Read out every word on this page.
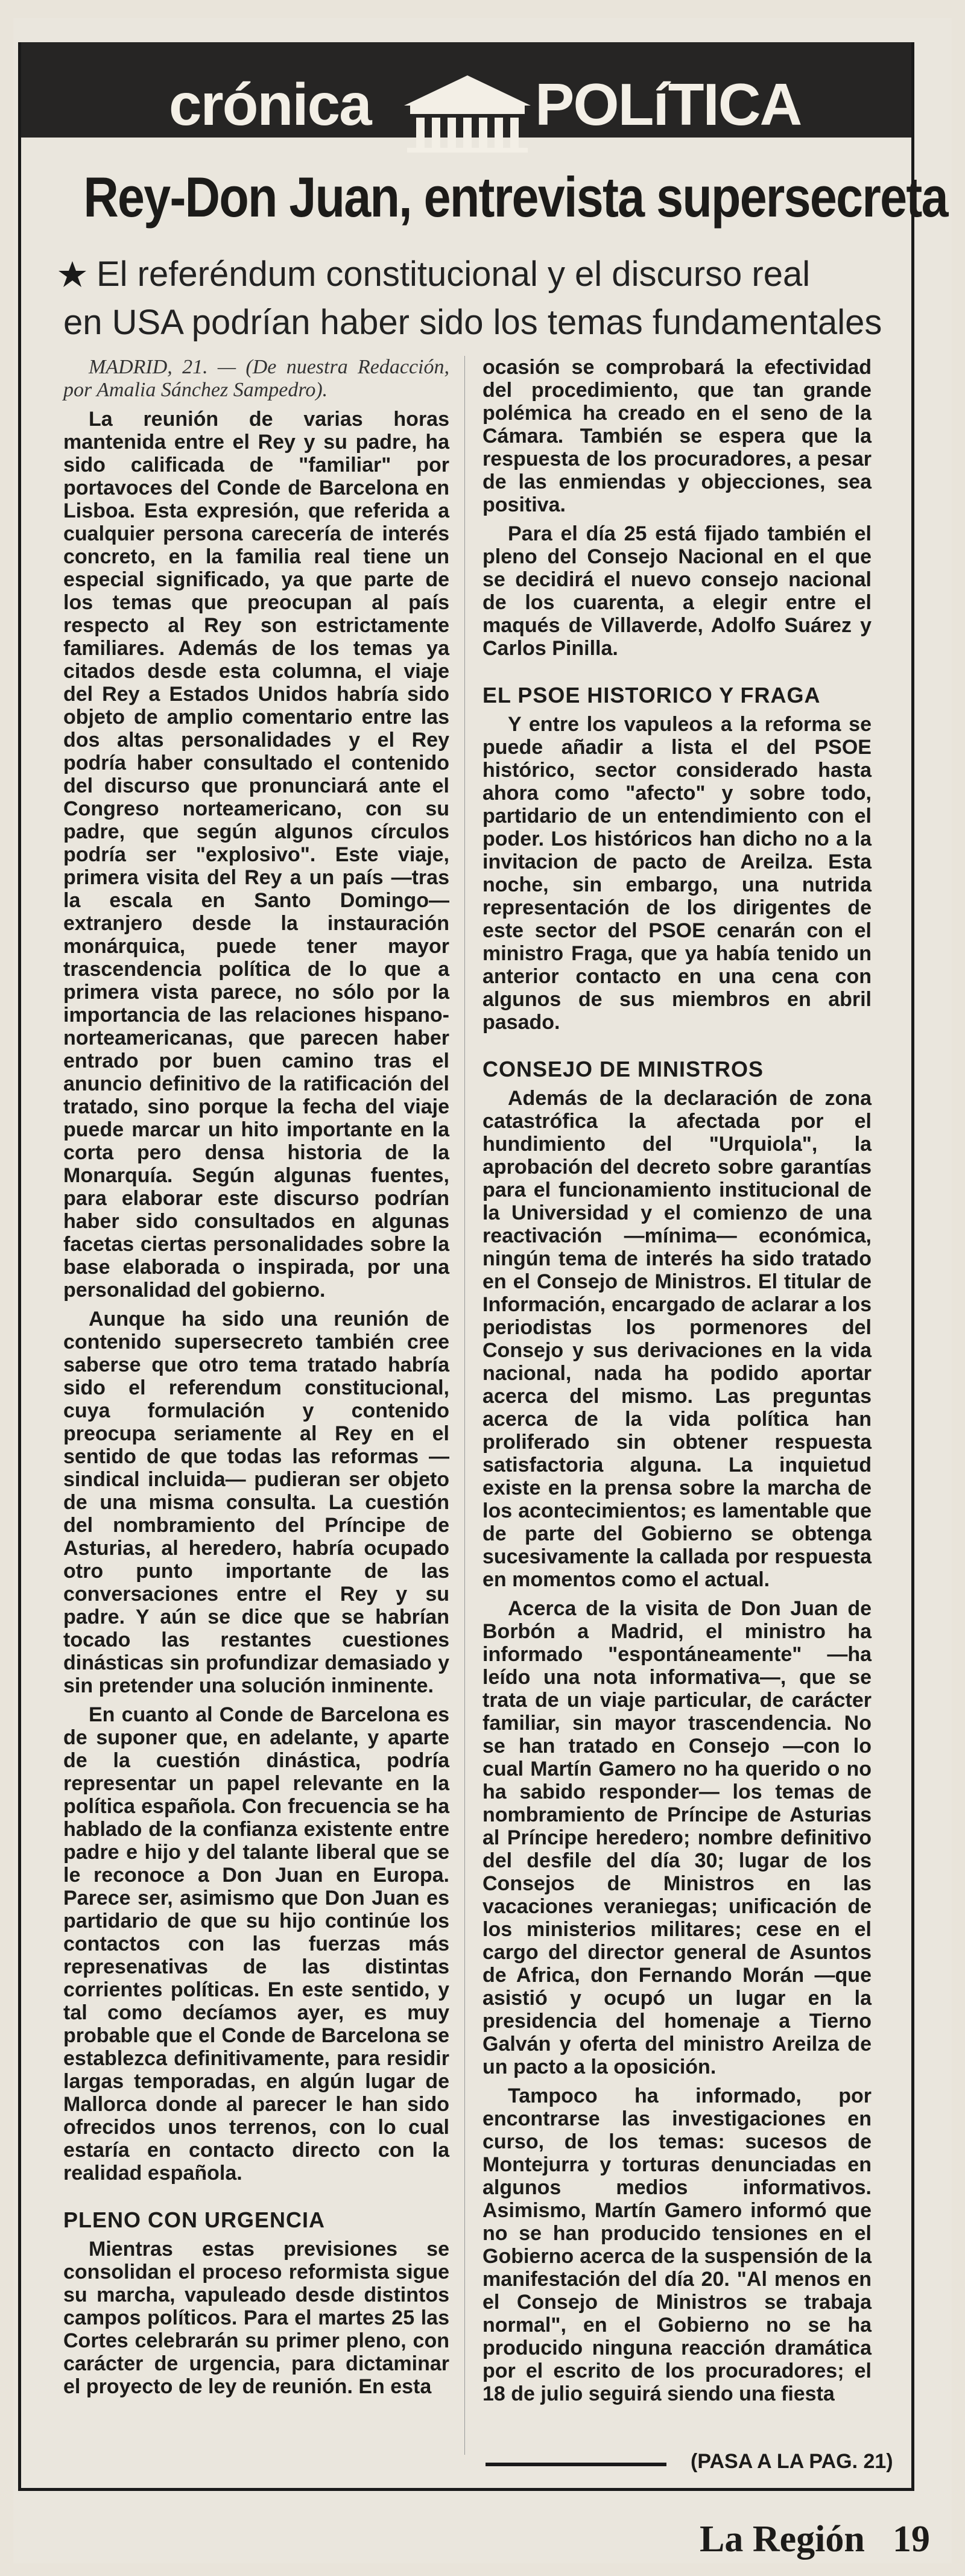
crónica	POLíTICA
Rey-Don Juan, entrevista supersecreta
El referéndum constitucional y el discurso real
en USA podrían haber sido los temas fundamentales

MADRID, 21. — (De nuestra Redacción, por Amalia Sánchez Sampedro).

La reunión de varias horas mantenida entre el Rey y su padre, ha sido calificada de "familiar" por portavoces del Conde de Barcelona en Lisboa. Esta expresión, que referida a cualquier persona carecería de interés concreto, en la familia real tiene un especial significado, ya que parte de los temas que preocupan al país respecto al Rey son estrictamente familiares. Además de los temas ya citados desde esta columna, el viaje del Rey a Estados Unidos habría sido objeto de amplio comentario entre las dos altas personalidades y el Rey podría haber consultado el contenido del discurso que pronunciará ante el Congreso norteamericano, con su padre, que según algunos círculos podría ser "explosivo". Este viaje, primera visita del Rey a un país —tras la escala en Santo Domingo— extranjero desde la instauración monárquica, puede tener mayor trascendencia política de lo que a primera vista parece, no sólo por la importancia de las relaciones hispano-norteamericanas, que parecen haber entrado por buen camino tras el anuncio definitivo de la ratificación del tratado, sino porque la fecha del viaje puede marcar un hito importante en la corta pero densa historia de la Monarquía. Según algunas fuentes, para elaborar este discurso podrían haber sido consultados en algunas facetas ciertas personalidades sobre la base elaborada o inspirada, por una personalidad del gobierno.

Aunque ha sido una reunión de contenido supersecreto también cree saberse que otro tema tratado habría sido el referendum constitucional, cuya formulación y contenido preocupa seriamente al Rey en el sentido de que todas las reformas —sindical incluida— pudieran ser objeto de una misma consulta. La cuestión del nombramiento del Príncipe de Asturias, al heredero, habría ocupado otro punto importante de las conversaciones entre el Rey y su padre. Y aún se dice que se habrían tocado las restantes cuestiones dinásticas sin profundizar demasiado y sin pretender una solución inminente.

En cuanto al Conde de Barcelona es de suponer que, en adelante, y aparte de la cuestión dinástica, podría representar un papel relevante en la política española. Con frecuencia se ha hablado de la confianza existente entre padre e hijo y del talante liberal que se le reconoce a Don Juan en Europa. Parece ser, asimismo que Don Juan es partidario de que su hijo continúe los contactos con las fuerzas más represenativas de las distintas corrientes políticas. En este sentido, y tal como decíamos ayer, es muy probable que el Conde de Barcelona se establezca definitivamente, para residir largas temporadas, en algún lugar de Mallorca donde al parecer le han sido ofrecidos unos terrenos, con lo cual estaría en contacto directo con la realidad española.

PLENO CON URGENCIA

Mientras estas previsiones se consolidan el proceso reformista sigue su marcha, vapuleado desde distintos campos políticos. Para el martes 25 las Cortes celebrarán su primer pleno, con carácter de urgencia, para dictaminar el proyecto de ley de reunión. En esta

ocasión se comprobará la efectividad del procedimiento, que tan grande polémica ha creado en el seno de la Cámara. También se espera que la respuesta de los procuradores, a pesar de las enmiendas y objecciones, sea positiva.

Para el día 25 está fijado también el pleno del Consejo Nacional en el que se decidirá el nuevo consejo nacional de los cuarenta, a elegir entre el maqués de Villaverde, Adolfo Suárez y Carlos Pinilla.

EL PSOE HISTORICO Y FRAGA

Y entre los vapuleos a la reforma se puede añadir a lista el del PSOE histórico, sector considerado hasta ahora como "afecto" y sobre todo, partidario de un entendimiento con el poder. Los históricos han dicho no a la invitacion de pacto de Areilza. Esta noche, sin embargo, una nutrida representación de los dirigentes de este sector del PSOE cenarán con el ministro Fraga, que ya había tenido un anterior contacto en una cena con algunos de sus miembros en abril pasado.

CONSEJO DE MINISTROS

Además de la declaración de zona catastrófica la afectada por el hundimiento del "Urquiola", la aprobación del decreto sobre garantías para el funcionamiento institucional de la Universidad y el comienzo de una reactivación —mínima— económica, ningún tema de interés ha sido tratado en el Consejo de Ministros. El titular de Información, encargado de aclarar a los periodistas los pormenores del Consejo y sus derivaciones en la vida nacional, nada ha podido aportar acerca del mismo. Las preguntas acerca de la vida política han proliferado sin obtener respuesta satisfactoria alguna. La inquietud existe en la prensa sobre la marcha de los acontecimientos; es lamentable que de parte del Gobierno se obtenga sucesivamente la callada por respuesta en momentos como el actual.

Acerca de la visita de Don Juan de Borbón a Madrid, el ministro ha informado "espontáneamente" —ha leído una nota informativa—, que se trata de un viaje particular, de carácter familiar, sin mayor trascendencia. No se han tratado en Consejo —con lo cual Martín Gamero no ha querido o no ha sabido responder— los temas de nombramiento de Príncipe de Asturias al Príncipe heredero; nombre definitivo del desfile del día 30; lugar de los Consejos de Ministros en las vacaciones veraniegas; unificación de los ministerios militares; cese en el cargo del director general de Asuntos de Africa, don Fernando Morán —que asistió y ocupó un lugar en la presidencia del homenaje a Tierno Galván y oferta del ministro Areilza de un pacto a la oposición.

Tampoco ha informado, por encontrarse las investigaciones en curso, de los temas: sucesos de Montejurra y torturas denunciadas en algunos medios informativos. Asimismo, Martín Gamero informó que no se han producido tensiones en el Gobierno acerca de la suspensión de la manifestación del día 20. "Al menos en el Consejo de Ministros se trabaja normal", en el Gobierno no se ha producido ninguna reacción dramática por el escrito de los procuradores; el 18 de julio seguirá siendo una fiesta

(PASA A LA PAG. 21)
La Región 19
